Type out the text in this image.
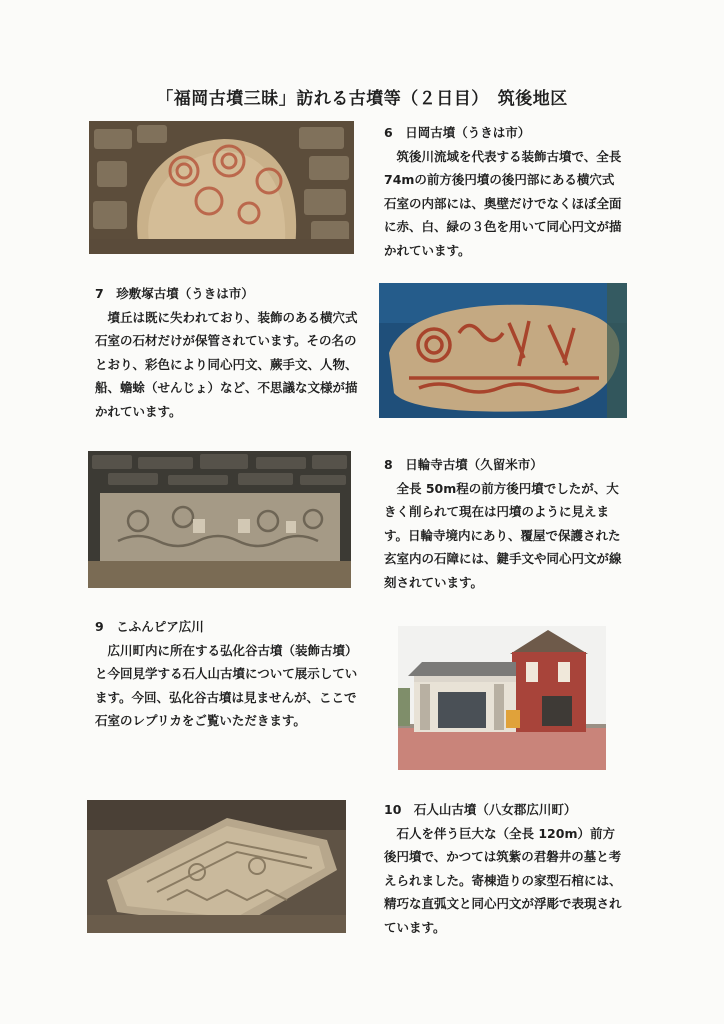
「福岡古墳三昧」訪れる古墳等（２日目）　筑後地区
6　日岡古墳（うきは市）
筑後川流域を代表する装飾古墳で、全長 74mの前方後円墳の後円部にある横穴式石室の内部には、奥壁だけでなくほぼ全面に赤、白、緑の３色を用いて同心円文が描かれています。
7　珍敷塚古墳（うきは市）
墳丘は既に失われており、装飾のある横穴式石室の石材だけが保管されています。その名のとおり、彩色により同心円文、蕨手文、人物、船、蟾蜍（せんじょ）など、不思議な文様が描かれています。
8　日輪寺古墳（久留米市）
全長 50m程の前方後円墳でしたが、大きく削られて現在は円墳のように見えます。日輪寺境内にあり、覆屋で保護された玄室内の石障には、鍵手文や同心円文が線刻されています。
9　こふんピア広川
広川町内に所在する弘化谷古墳（装飾古墳）と今回見学する石人山古墳について展示しています。今回、弘化谷古墳は見ませんが、ここで石室のレプリカをご覧いただきます。
10　石人山古墳（八女郡広川町）
石人を伴う巨大な（全長 120m）前方後円墳で、かつては筑紫の君磐井の墓と考えられました。寄棟造りの家型石棺には、精巧な直弧文と同心円文が浮彫で表現されています。
